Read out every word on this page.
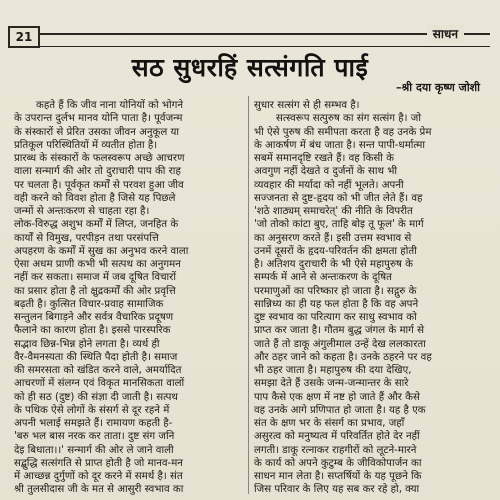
21	साधन
सठ सुधरहिं सत्संगति पाई
–श्री दया कृष्ण जोशी
कहते हैं कि जीव नाना योनियों को भोगने
के उपरान्त दुर्लभ मानव योनि पाता है। पूर्वजन्म
के संस्कारों से प्रेरित उसका जीवन अनुकूल या
प्रतिकूल परिस्थितियों में व्यतीत होता है।
प्रारब्ध के संस्कारों के फलस्वरूप अच्छे आचरण
वाला सन्मार्ग की ओर तो दुराचारी पाप की राह
पर चलता है। पूर्वकृत कर्मों से परवश हुआ जीव
वही करने को विवश होता है जिसे यह पिछले
जन्मों से अन्तःकरण से चाहता रहा है।
लोक-विरुद्ध अशुभ कर्मों में लिप्त, जनहित के
कार्यों से विमुख, परपीड़न तथा परसंपत्ति
अपहरण के कर्मों में सुख का अनुभव करने वाला
ऐसा अधम प्राणी कभी भी सत्पथ का अनुगमन
नहीं कर सकता। समाज में जब दूषित विचारों
का प्रसार होता है तो क्षुद्रकर्मों की ओर प्रवृत्ति
बढ़ती है। कुत्सित विचार-प्रवाह सामाजिक
सन्तुलन बिगाड़ने और सर्वत्र वैचारिक प्रदूषण
फैलाने का कारण होता है। इससे पारस्परिक
सद्भाव छिन्न-भिन्न होने लगता है। व्यर्थ ही
वैर-वैमनस्यता की स्थिति पैदा होती है। समाज
की समरसता को खंडित करने वाले, अमर्यादित
आचरणों में संलग्न एवं विकृत मानसिकता वालों
को ही सठ (दुष्ट) की संज्ञा दी जाती है। सत्पथ
के पथिक ऐसे लोगों के संसर्ग से दूर रहने में
अपनी भलाई समझते हैं। रामायण कहती है-
'बरु भल बास नरक कर ताता। दुष्ट संग जनि
देइ बिधाता।।' सन्मार्ग की ओर ले जाने वाली
सद्बुद्धि सत्संगति से प्राप्त होती है जो मानव-मन
में आच्छन्न दुर्गुणों को दूर करने में समर्थ है। संत
श्री तुलसीदास जी के मत से आसुरी स्वभाव का
सुधार सत्संग से ही सम्भव है।
सत्स्वरूप सत्पुरुष का संग सत्संग है। जो
भी ऐसे पुरुष की समीपता करता है वह उनके प्रेम
के आकर्षण में बंध जाता है। सन्त पापी-धर्मात्मा
सबमें समानदृष्टि रखते हैं। वह किसी के
अवगुण नहीं देखते व दुर्जनों के साथ भी
व्यवहार की मर्यादा को नहीं भूलते। अपनी
सज्जनता से दुष्ट-हृदय को भी जीत लेते हैं। वह
'शठे शाठ्यम् समाचरेत्' की नीति के विपरीत
'जो तोको कांटा बुए, ताहि बोइ तू फूल' के मार्ग
का अनुसरण करते हैं। इसी उत्तम स्वभाव से
उनमें दूसरों के हृदय-परिवर्तन की क्षमता होती
है। अतिशय दुराचारी के भी ऐसे महापुरुष के
सम्पर्क में आने से अन्तःकरण के दूषित
परमाणुओं का परिष्कार हो जाता है। सद्गुरु के
सान्निध्य का ही यह फल होता है कि वह अपने
दुष्ट स्वभाव का परित्याग कर साधु स्वभाव को
प्राप्त कर जाता है। गौतम बुद्ध जंगल के मार्ग से
जाते हैं तो डाकू अंगुलीमाल उन्हें देख ललकारता
और ठहर जाने को कहता है। उनके ठहरने पर वह
भी ठहर जाता है। महापुरुष की दया देखिए,
समझा देते हैं उसके जन्म-जन्मान्तर के सारे
पाप कैसे एक क्षण में नष्ट हो जाते हैं और कैसे
वह उनके आगे प्रणिपात हो जाता है। यह है एक
संत के क्षण भर के संसर्ग का प्रभाव, जहाँ
असुरत्व को मनुष्यत्व में परिवर्तित होते देर नहीं
लगती। डाकू रत्नाकर राहगीरों को लूटने-मारने
के कार्य को अपने कुटुम्ब के जीविकोपार्जन का
साधन मान लेता है। सप्तर्षियों के यह पूछने कि
जिस परिवार के लिए यह सब कर रहे हो, क्या
